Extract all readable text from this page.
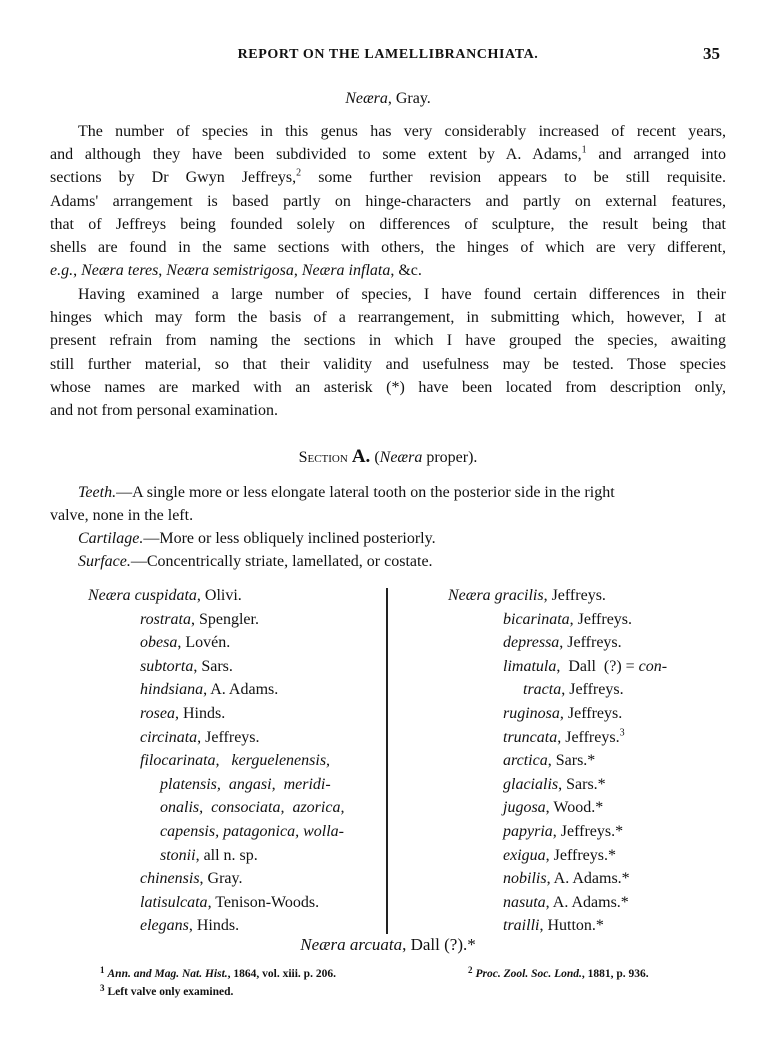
REPORT ON THE LAMELLIBRANCHIATA.	35
Neæra, Gray.
The number of species in this genus has very considerably increased of recent years,
and although they have been subdivided to some extent by A. Adams,$^1$ and arranged into
sections by Dr Gwyn Jeffreys,$^2$ some further revision appears to be still requisite.
Adams' arrangement is based partly on hinge-characters and partly on external features,
that of Jeffreys being founded solely on differences of sculpture, the result being that
shells are found in the same sections with others, the hinges of which are very different,
e.g., Neæra teres, Neæra semistrigosa, Neæra inflata, &c.
Having examined a large number of species, I have found certain differences in their
hinges which may form the basis of a rearrangement, in submitting which, however, I at
present refrain from naming the sections in which I have grouped the species, awaiting
still further material, so that their validity and usefulness may be tested. Those species
whose names are marked with an asterisk (*) have been located from description only,
and not from personal examination.
Section A. (Neæra proper).
Teeth.—A single more or less elongate lateral tooth on the posterior side in the right
valve, none in the left.
Cartilage.—More or less obliquely inclined posteriorly.
Surface.—Concentrically striate, lamellated, or costate.
Neæra cuspidata, Olivi.
rostrata, Spengler.
obesa, Lovén.
subtorta, Sars.
hindsiana, A. Adams.
rosea, Hinds.
circinata, Jeffreys.
filocarinata,   kerguelenensis,
platensis,  angasi,  meridi-
onalis,  consociata,  azorica,
capensis, patagonica, wolla-
stonii, all n. sp.
chinensis, Gray.
latisulcata, Tenison-Woods.
elegans, Hinds.
Neæra gracilis, Jeffreys.
bicarinata, Jeffreys.
depressa, Jeffreys.
limatula,  Dall  (?) = con-
tracta, Jeffreys.
ruginosa, Jeffreys.
truncata, Jeffreys.$^3$
arctica, Sars.*
glacialis, Sars.*
jugosa, Wood.*
papyria, Jeffreys.*
exigua, Jeffreys.*
nobilis, A. Adams.*
nasuta, A. Adams.*
trailli, Hutton.*
Neæra arcuata, Dall (?).*
$^1$ Ann. and Mag. Nat. Hist., 1864, vol. xiii. p. 206.	$^2$ Proc. Zool. Soc. Lond., 1881, p. 936.
$^3$ Left valve only examined.
